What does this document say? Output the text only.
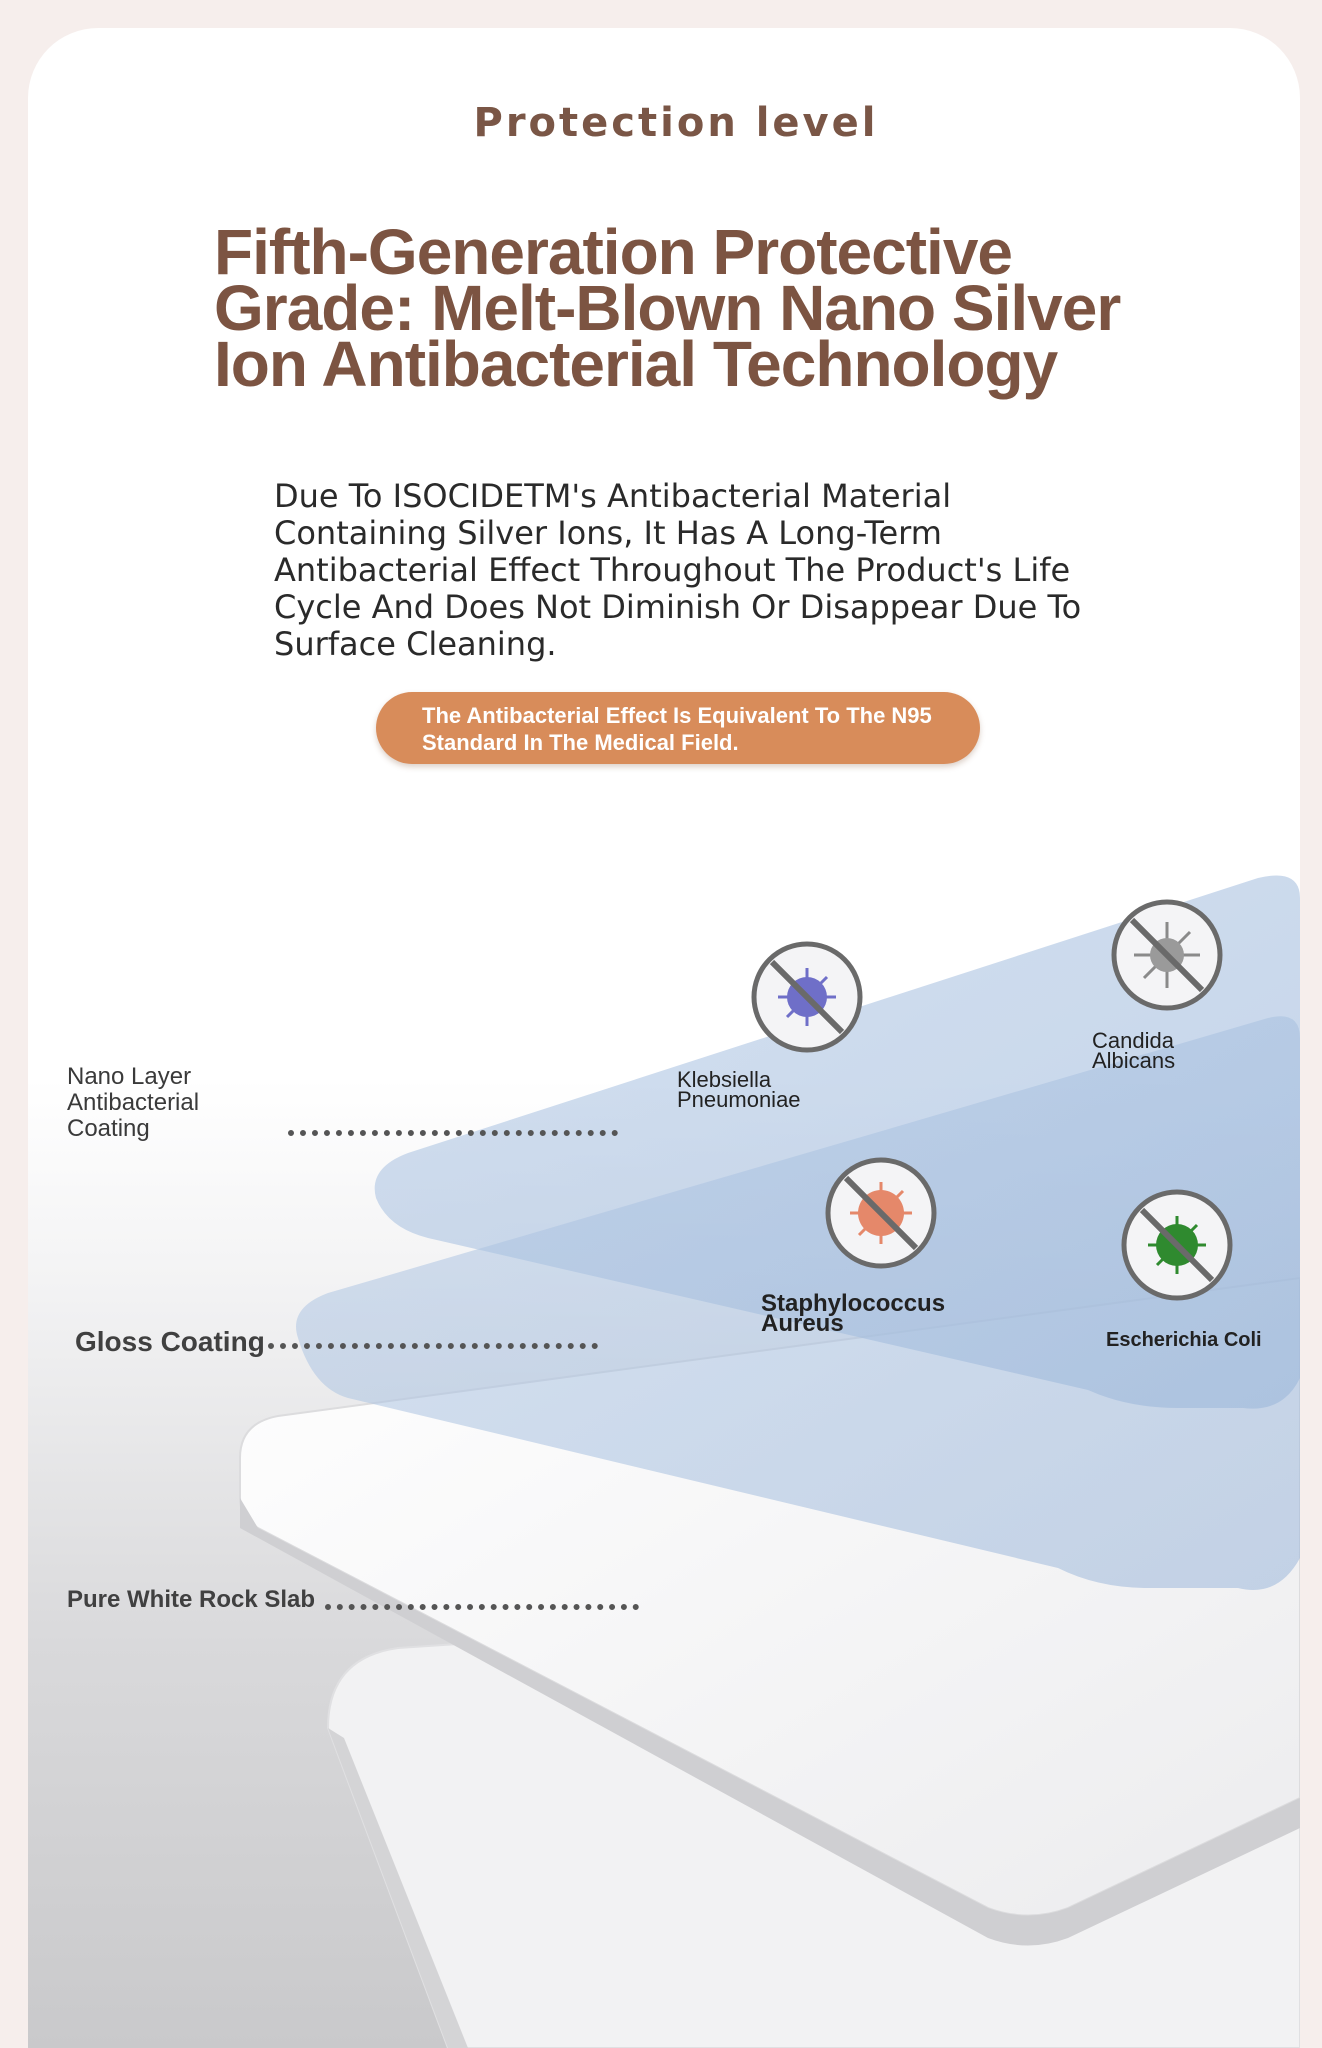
Protection level
Fifth-Generation Protective Grade: Melt-Blown Nano Silver Ion Antibacterial Technology
Due To ISOCIDETM's Antibacterial Material Containing Silver Ions, It Has A Long-Term Antibacterial Effect Throughout The Product's Life Cycle And Does Not Diminish Or Disappear Due To Surface Cleaning.
The Antibacterial Effect Is Equivalent To The N95 Standard In The Medical Field.
Nano Layer Antibacterial Coating
Gloss Coating
Pure White Rock Slab
Klebsiella Pneumoniae
Candida Albicans
Staphylococcus Aureus
Escherichia Coli
